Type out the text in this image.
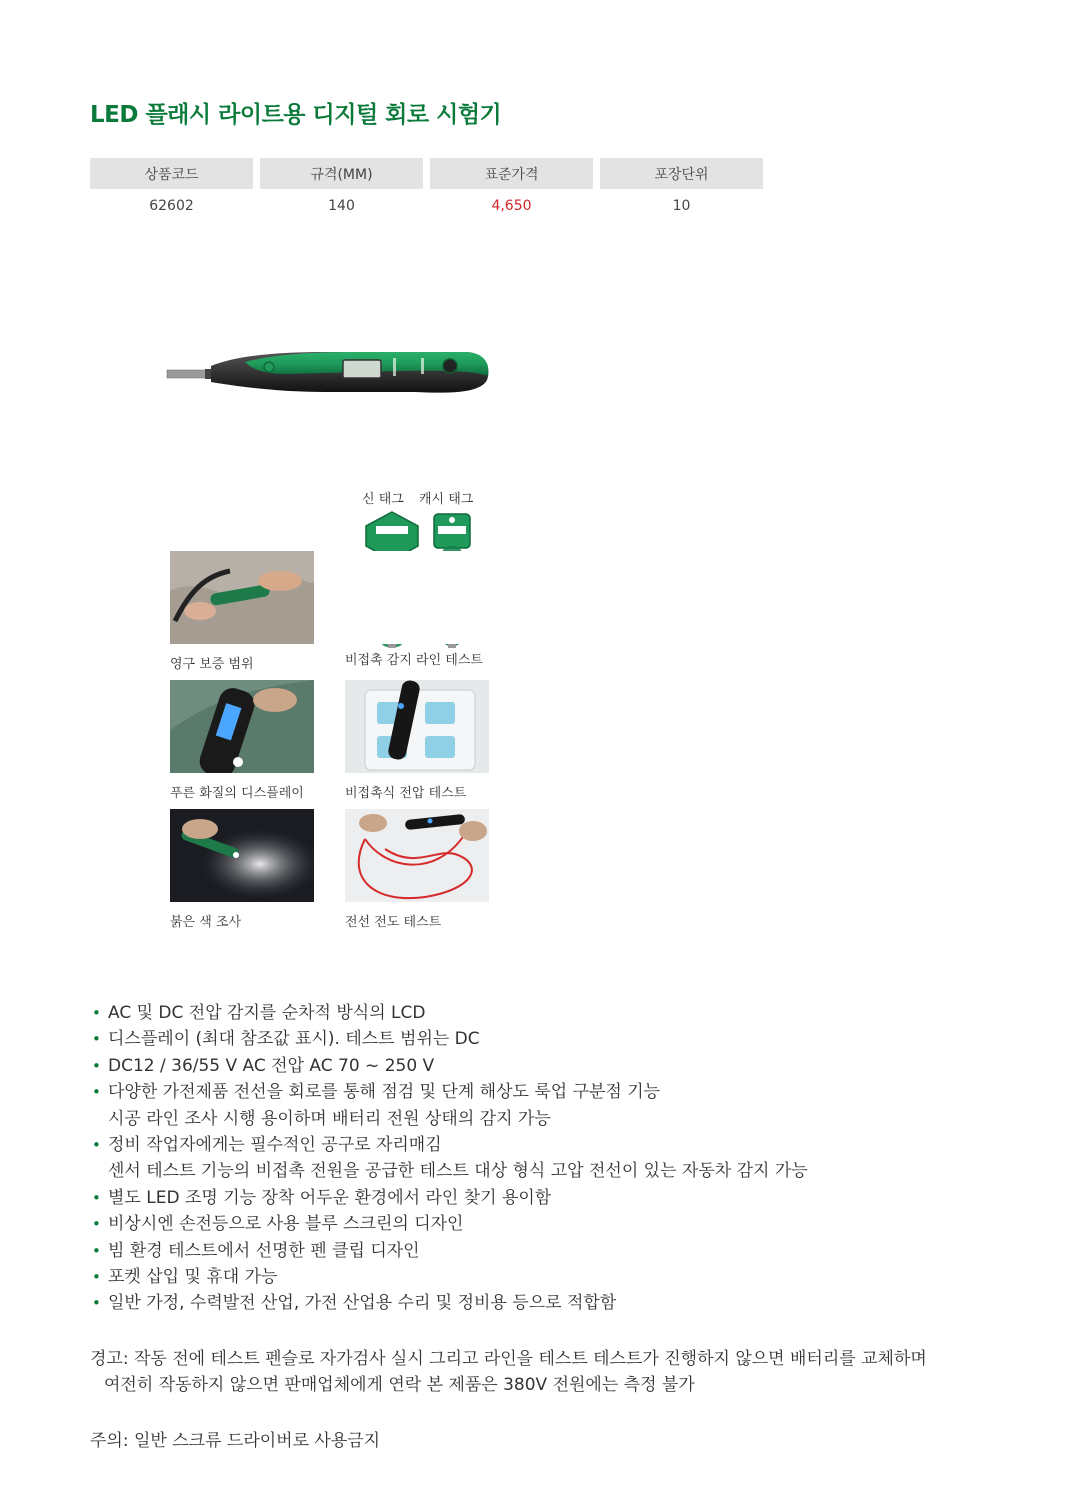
LED 플래시 라이트용 디지털 회로 시험기
상품코드	규격(MM)	표준가격	포장단위
62602	140	4,650	10
신 태그 캐시 태그
영구 보증 범위	비접촉 감지 라인 테스트
푸른 화질의 디스플레이	비접촉식 전압 테스트
붉은 색 조사	전선 전도 테스트
• AC 및 DC 전압 감지를 순차적 방식의 LCD
• 디스플레이 (최대 참조값 표시). 테스트 범위는 DC
• DC12 / 36/55 V AC 전압 AC 70 ~ 250 V
• 다양한 가전제품 전선을 회로를 통해 점검 및 단계 해상도 룩업 구분점 기능
시공 라인 조사 시행 용이하며 배터리 전원 상태의 감지 가능
• 정비 작업자에게는 필수적인 공구로 자리매김
센서 테스트 기능의 비접촉 전원을 공급한 테스트 대상 형식 고압 전선이 있는 자동차 감지 가능
• 별도 LED 조명 기능 장착 어두운 환경에서 라인 찾기 용이함
• 비상시엔 손전등으로 사용 블루 스크린의 디자인
• 빔 환경 테스트에서 선명한 펜 클립 디자인
• 포켓 삽입 및 휴대 가능
• 일반 가정, 수력발전 산업, 가전 산업용 수리 및 정비용 등으로 적합함
경고: 작동 전에 테스트 펜슬로 자가검사 실시 그리고 라인을 테스트 테스트가 진행하지 않으면 배터리를 교체하며
여전히 작동하지 않으면 판매업체에게 연락 본 제품은 380V 전원에는 측정 불가
주의: 일반 스크류 드라이버로 사용금지
